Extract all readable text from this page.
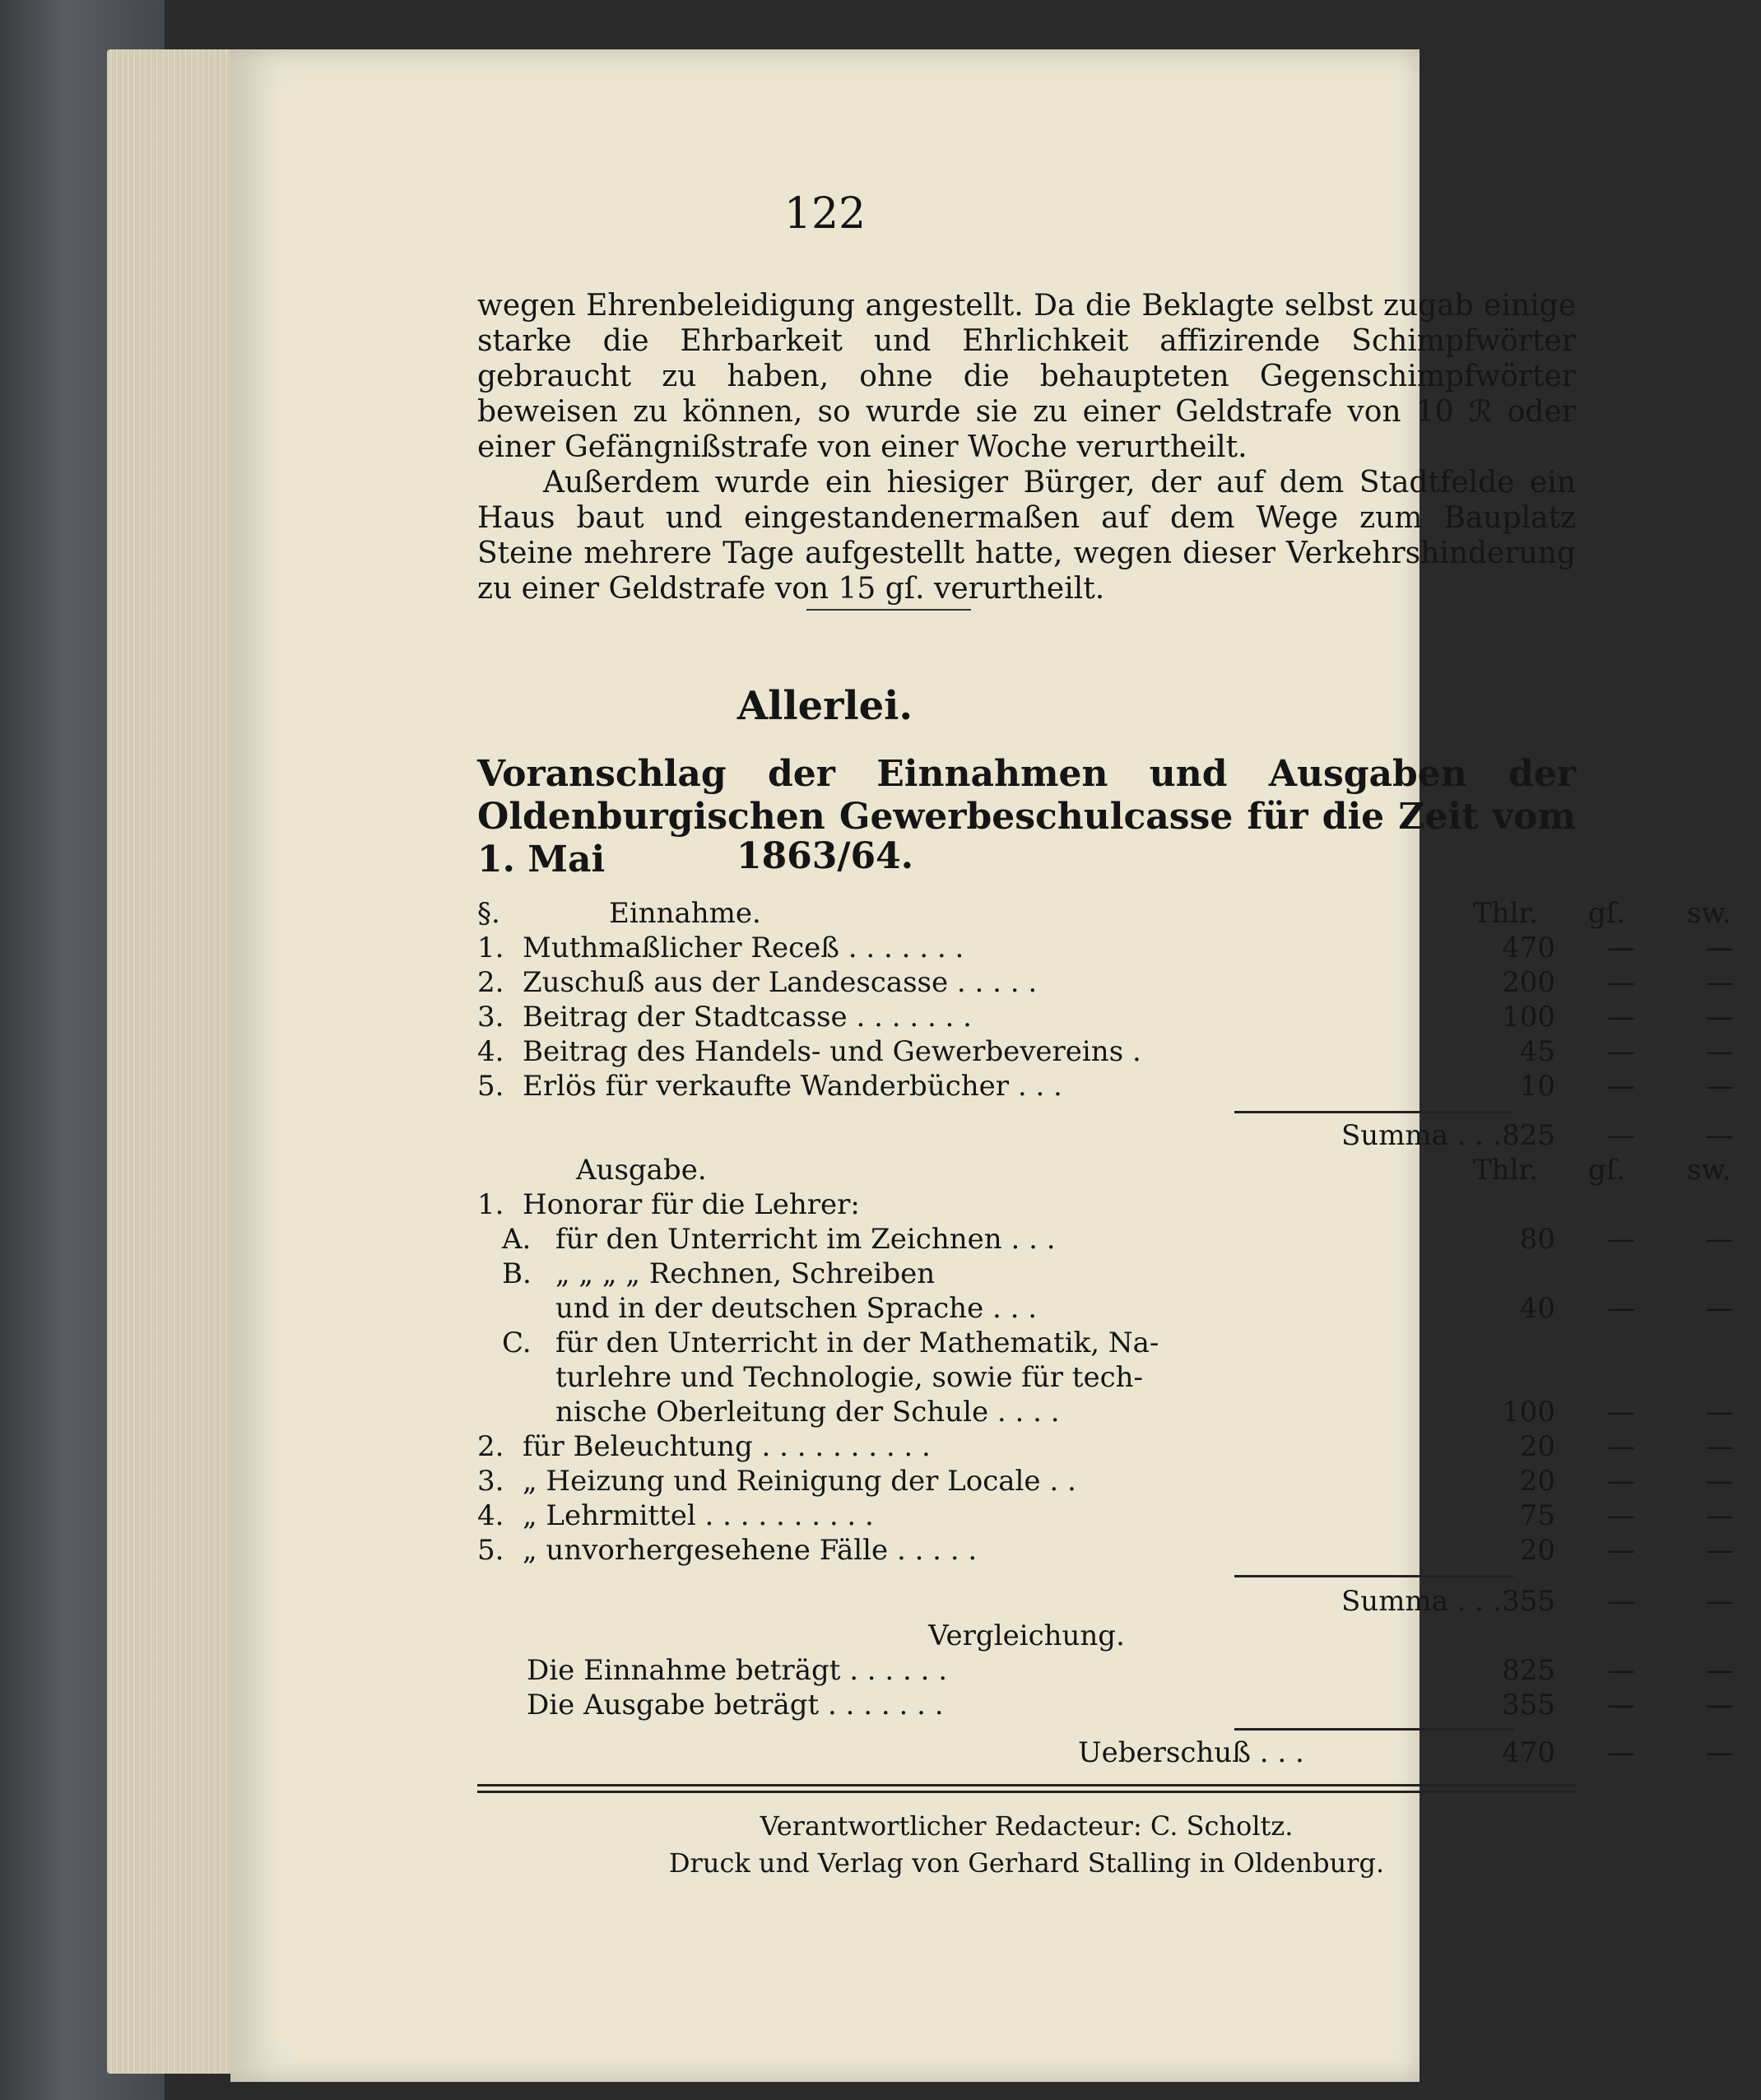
122

wegen Ehrenbeleidigung angestellt. Da die Beklagte selbst zugab einige starke die Ehrbarkeit und Ehrlichkeit affizirende Schimpfwörter gebraucht zu haben, ohne die behaupteten Gegenschimpfwörter beweisen zu können, so wurde sie zu einer Geldstrafe von 10 ℛ︀ oder einer Gefängnißstrafe von einer Woche verurtheilt.

Außerdem wurde ein hiesiger Bürger, der auf dem Stadtfelde ein Haus baut und eingestandenermaßen auf dem Wege zum Bauplatz Steine mehrere Tage aufgestellt hatte, wegen dieser Verkehrshinderung zu einer Geldstrafe von 15 gſ. verurtheilt.

Allerlei.
Voranschlag der Einnahmen und Ausgaben der Oldenburgischen Gewerbeschulcasse für die Zeit vom 1. Mai	1863/64.
§.	Einnahme.	Thlr. gſ. sw.
1. Muthmaßlicher Receß . . . . . . .	470	—	—
2. Zuschuß aus der Landescasse . . . . .	200	—	—
3. Beitrag der Stadtcasse . . . . . . .	100	—	—
4. Beitrag des Handels- und Gewerbevereins .	45	—	—
5. Erlös für verkaufte Wanderbücher . . .	10	—	—
Summa . . . 825	—	—
Ausgabe.	Thlr. gſ. sw.
1. Honorar für die Lehrer:
A. für den Unterricht im Zeichnen . . .	80	—	—
B. „ „ „ „ Rechnen, Schreiben
und in der deutschen Sprache . . .	40	—	—
C. für den Unterricht in der Mathematik, Na-
turlehre und Technologie, sowie für tech-
nische Oberleitung der Schule . . . .	100	—	—
2. für Beleuchtung . . . . . . . . . .	20	—	—
3. „ Heizung und Reinigung der Locale . .	20	—	—
4. „ Lehrmittel . . . . . . . . . .	75	—	—
5. „ unvorhergesehene Fälle . . . . .	20	—	—
Summa . . . 355	—	—
Vergleichung.
Die Einnahme beträgt . . . . . .	825	—	—
Die Ausgabe beträgt . . . . . . .	355	—	—
Ueberschuß . . .	470	—	—
Verantwortlicher Redacteur: C. Scholtz.
Druck und Verlag von Gerhard Stalling in Oldenburg.
